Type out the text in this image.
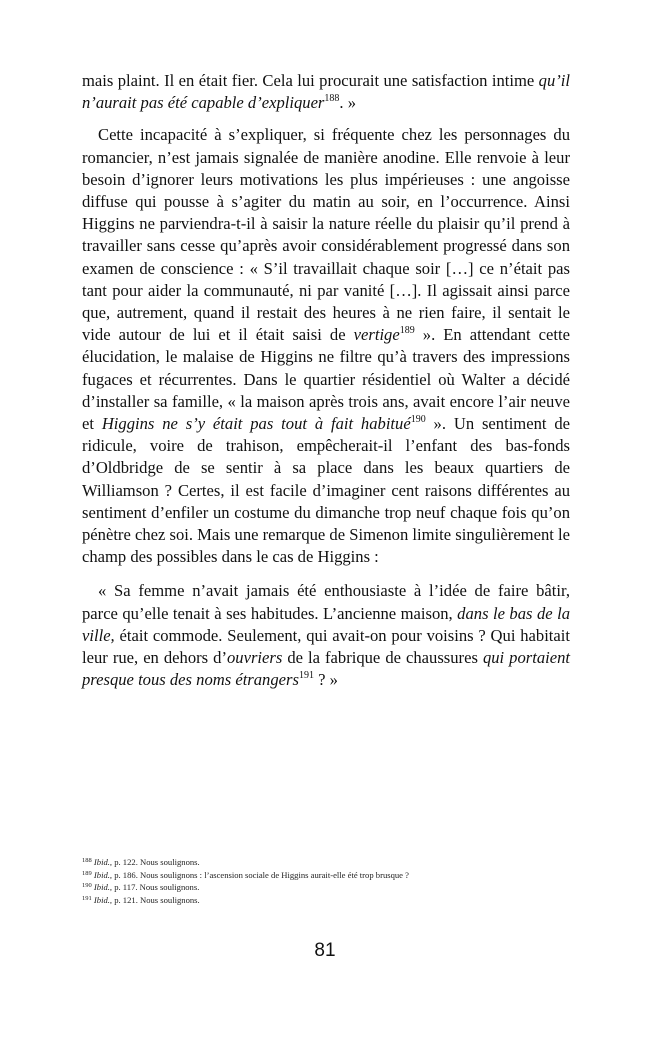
mais plaint. Il en était fier. Cela lui procurait une satisfaction intime qu’il n’aurait pas été capable d’expliquer$^{188}$. »

Cette incapacité à s’expliquer, si fréquente chez les personnages du romancier, n’est jamais signalée de manière anodine. Elle renvoie à leur besoin d’ignorer leurs motivations les plus impérieuses : une angoisse diffuse qui pousse à s’agiter du matin au soir, en l’occurrence. Ainsi Higgins ne parviendra-t-il à saisir la nature réelle du plaisir qu’il prend à travailler sans cesse qu’après avoir considérablement progressé dans son examen de conscience : « S’il travaillait chaque soir […] ce n’était pas tant pour aider la communauté, ni par vanité […]. Il agissait ainsi parce que, autrement, quand il restait des heures à ne rien faire, il sentait le vide autour de lui et il était saisi de vertige$^{189}$ ». En attendant cette élucidation, le malaise de Higgins ne filtre qu’à travers des impressions fugaces et récurrentes. Dans le quartier résidentiel où Walter a décidé d’installer sa famille, « la maison après trois ans, avait encore l’air neuve et Higgins ne s’y était pas tout à fait habitué$^{190}$ ». Un sentiment de ridicule, voire de trahison, empêcherait-il l’enfant des bas-fonds d’Oldbridge de se sentir à sa place dans les beaux quartiers de Williamson ? Certes, il est facile d’imaginer cent raisons différentes au sentiment d’enfiler un costume du dimanche trop neuf chaque fois qu’on pénètre chez soi. Mais une remarque de Simenon limite singulièrement le champ des possibles dans le cas de Higgins :

« Sa femme n’avait jamais été enthousiaste à l’idée de faire bâtir, parce qu’elle tenait à ses habitudes. L’ancienne maison, dans le bas de la ville, était commode. Seulement, qui avait-on pour voisins ? Qui habitait leur rue, en dehors d’ouvriers de la fabrique de chaussures qui portaient presque tous des noms étrangers$^{191}$ ? »

$^{188}$ Ibid., p. 122. Nous soulignons.

$^{189}$ Ibid., p. 186. Nous soulignons : l’ascension sociale de Higgins aurait-elle été trop brusque ?

$^{190}$ Ibid., p. 117. Nous soulignons.

$^{191}$ Ibid., p. 121. Nous soulignons.

81
